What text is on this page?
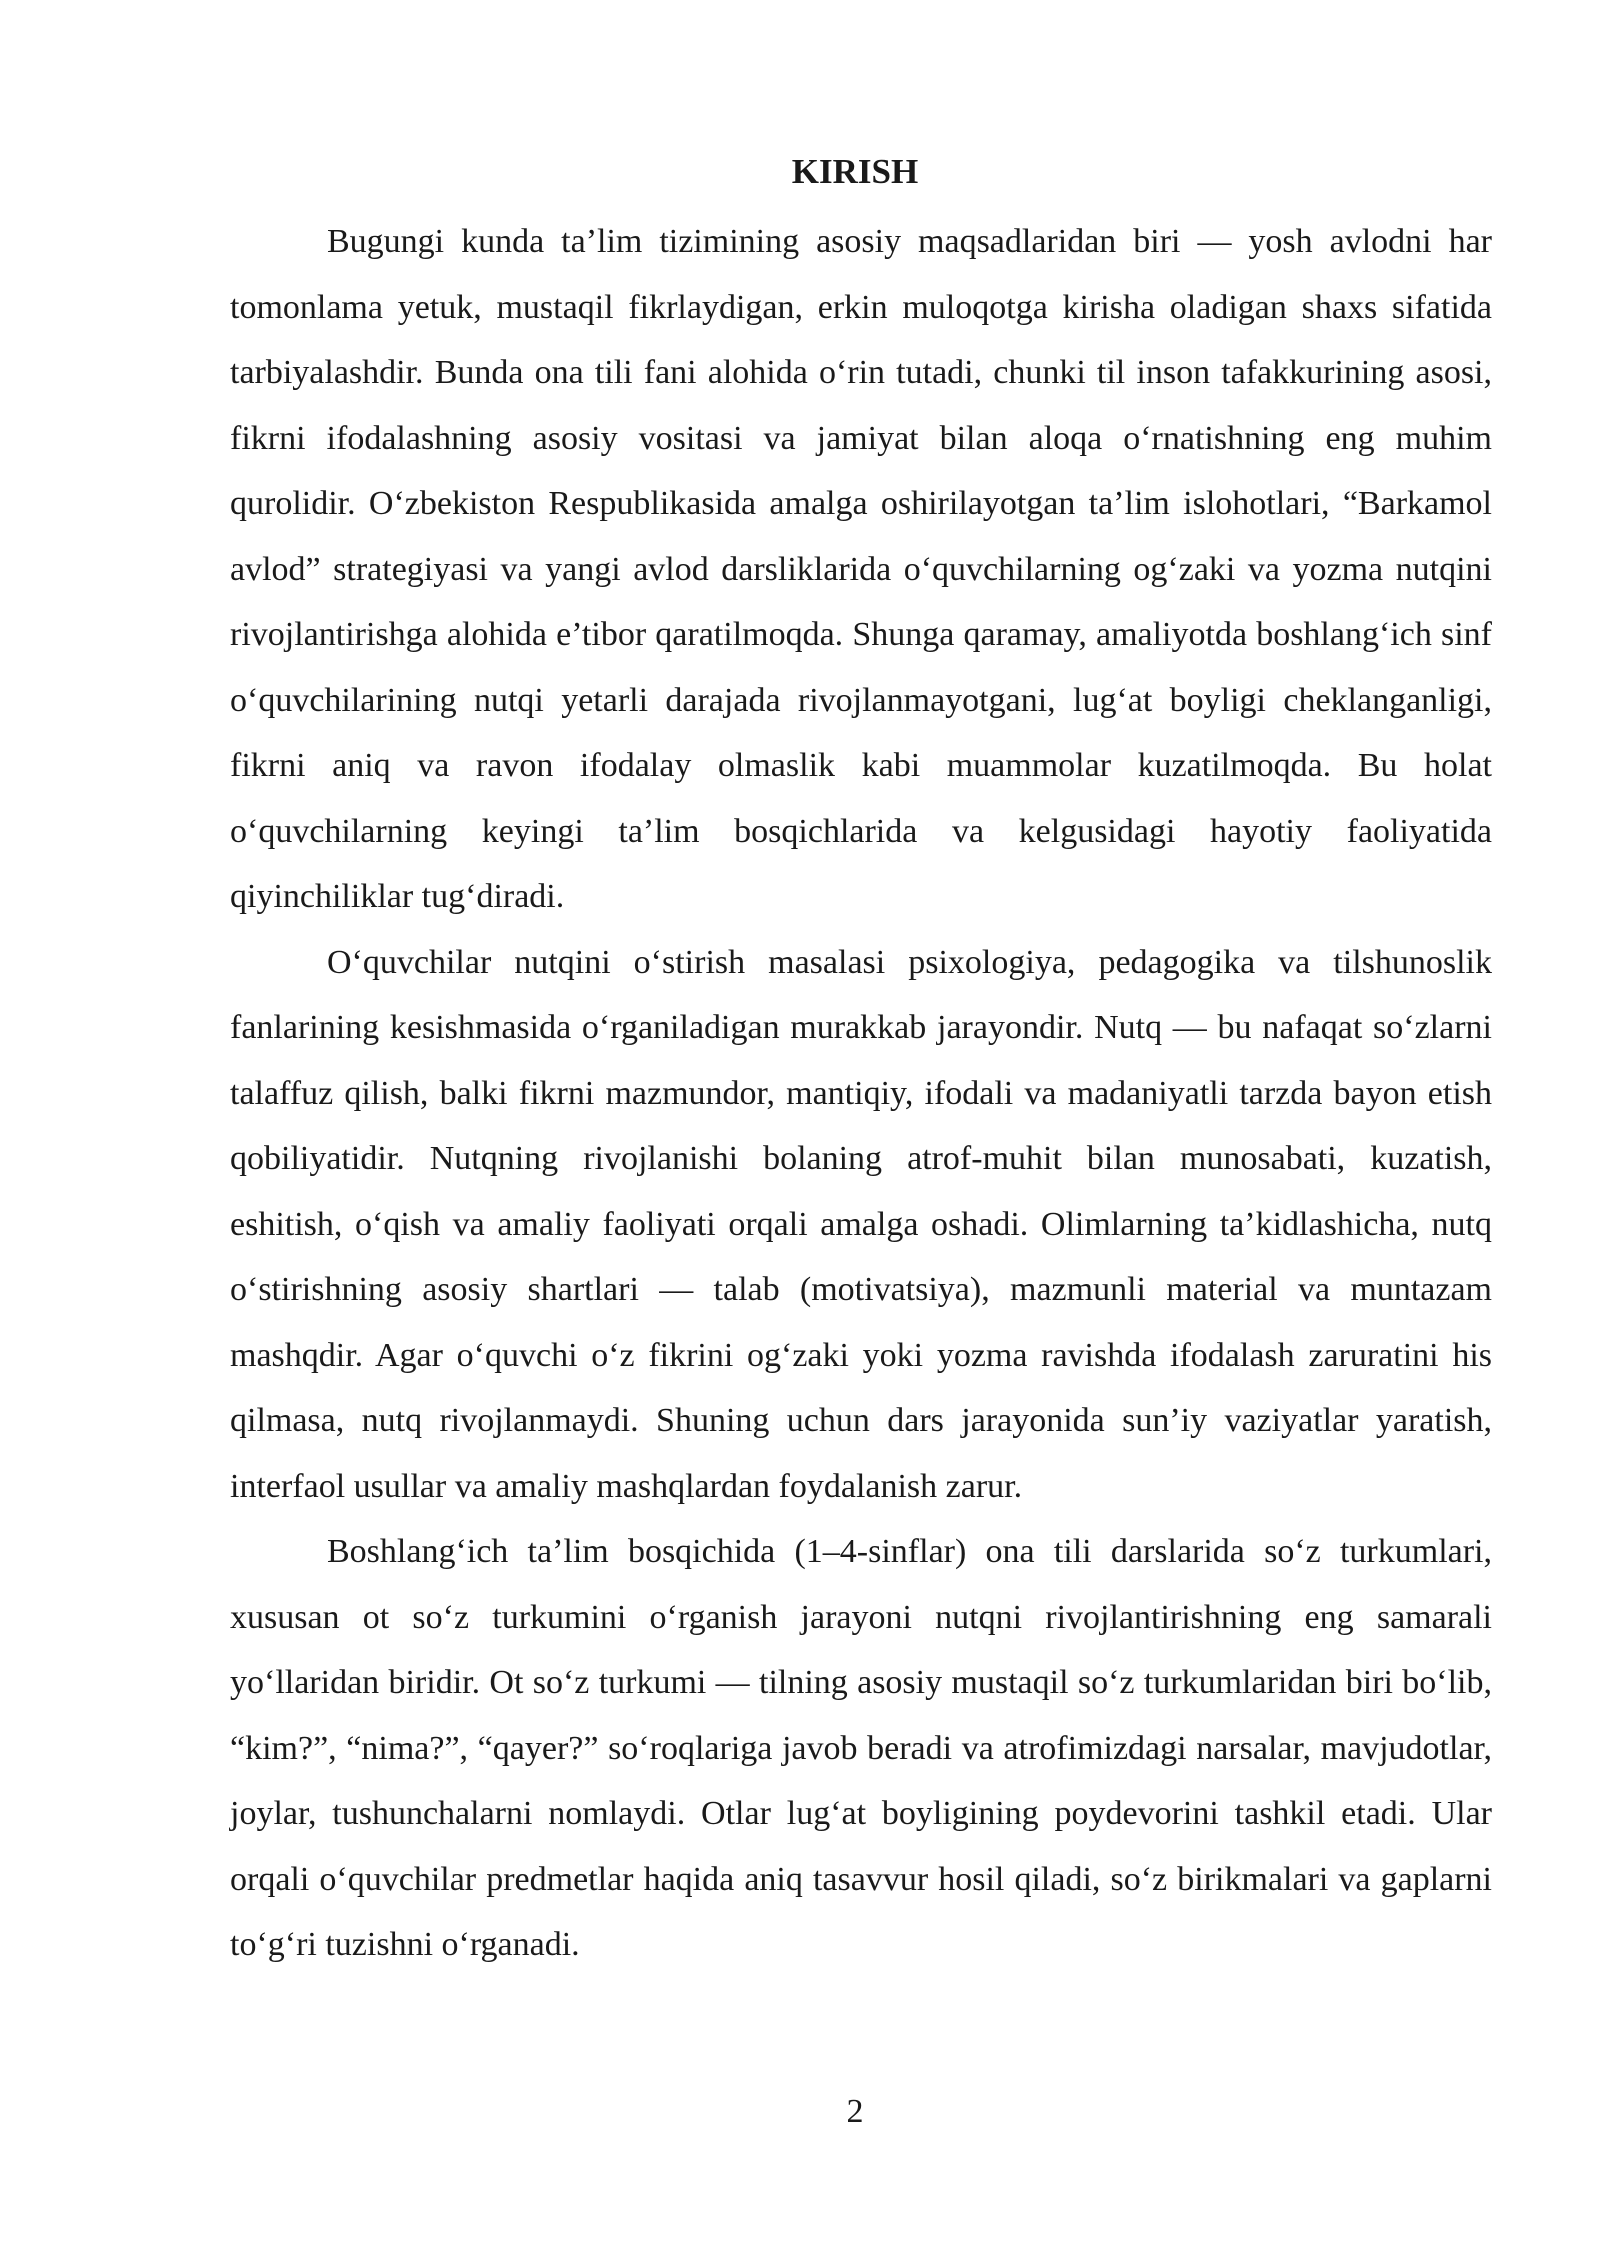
KIRISH

Bugungi kunda ta’lim tizimining asosiy maqsadlaridan biri — yosh avlodni har tomonlama yetuk, mustaqil fikrlaydigan, erkin muloqotga kirisha oladigan shaxs sifatida tarbiyalashdir. Bunda ona tili fani alohida o‘rin tutadi, chunki til inson tafakkurining asosi, fikrni ifodalashning asosiy vositasi va jamiyat bilan aloqa o‘rnatishning eng muhim qurolidir. O‘zbekiston Respublikasida amalga oshirilayotgan ta’lim islohotlari, “Barkamol avlod” strategiyasi va yangi avlod darsliklarida o‘quvchilarning og‘zaki va yozma nutqini rivojlantirishga alohida e’tibor qaratilmoqda. Shunga qaramay, amaliyotda boshlang‘ich sinf o‘quvchilarining nutqi yetarli darajada rivojlanmayotgani, lug‘at boyligi cheklanganligi, fikrni aniq va ravon ifodalay olmaslik kabi muammolar kuzatilmoqda. Bu holat o‘quvchilarning keyingi ta’lim bosqichlarida va kelgusidagi hayotiy faoliyatida qiyinchiliklar tug‘diradi.

O‘quvchilar nutqini o‘stirish masalasi psixologiya, pedagogika va tilshunoslik fanlarining kesishmasida o‘rganiladigan murakkab jarayondir. Nutq — bu nafaqat so‘zlarni talaffuz qilish, balki fikrni mazmundor, mantiqiy, ifodali va madaniyatli tarzda bayon etish qobiliyatidir. Nutqning rivojlanishi bolaning atrof-muhit bilan munosabati, kuzatish, eshitish, o‘qish va amaliy faoliyati orqali amalga oshadi. Olimlarning ta’kidlashicha, nutq o‘stirishning asosiy shartlari — talab (motivatsiya), mazmunli material va muntazam mashqdir. Agar o‘quvchi o‘z fikrini og‘zaki yoki yozma ravishda ifodalash zaruratini his qilmasa, nutq rivojlanmaydi. Shuning uchun dars jarayonida sun’iy vaziyatlar yaratish, interfaol usullar va amaliy mashqlardan foydalanish zarur.

Boshlang‘ich ta’lim bosqichida (1–4-sinflar) ona tili darslarida so‘z turkumlari, xususan ot so‘z turkumini o‘rganish jarayoni nutqni rivojlantirishning eng samarali yo‘llaridan biridir. Ot so‘z turkumi — tilning asosiy mustaqil so‘z turkumlaridan biri bo‘lib, “kim?”, “nima?”, “qayer?” so‘roqlariga javob beradi va atrofimizdagi narsalar, mavjudotlar, joylar, tushunchalarni nomlaydi. Otlar lug‘at boyligining poydevorini tashkil etadi. Ular orqali o‘quvchilar predmetlar haqida aniq tasavvur hosil qiladi, so‘z birikmalari va gaplarni to‘g‘ri tuzishni o‘rganadi.

2
